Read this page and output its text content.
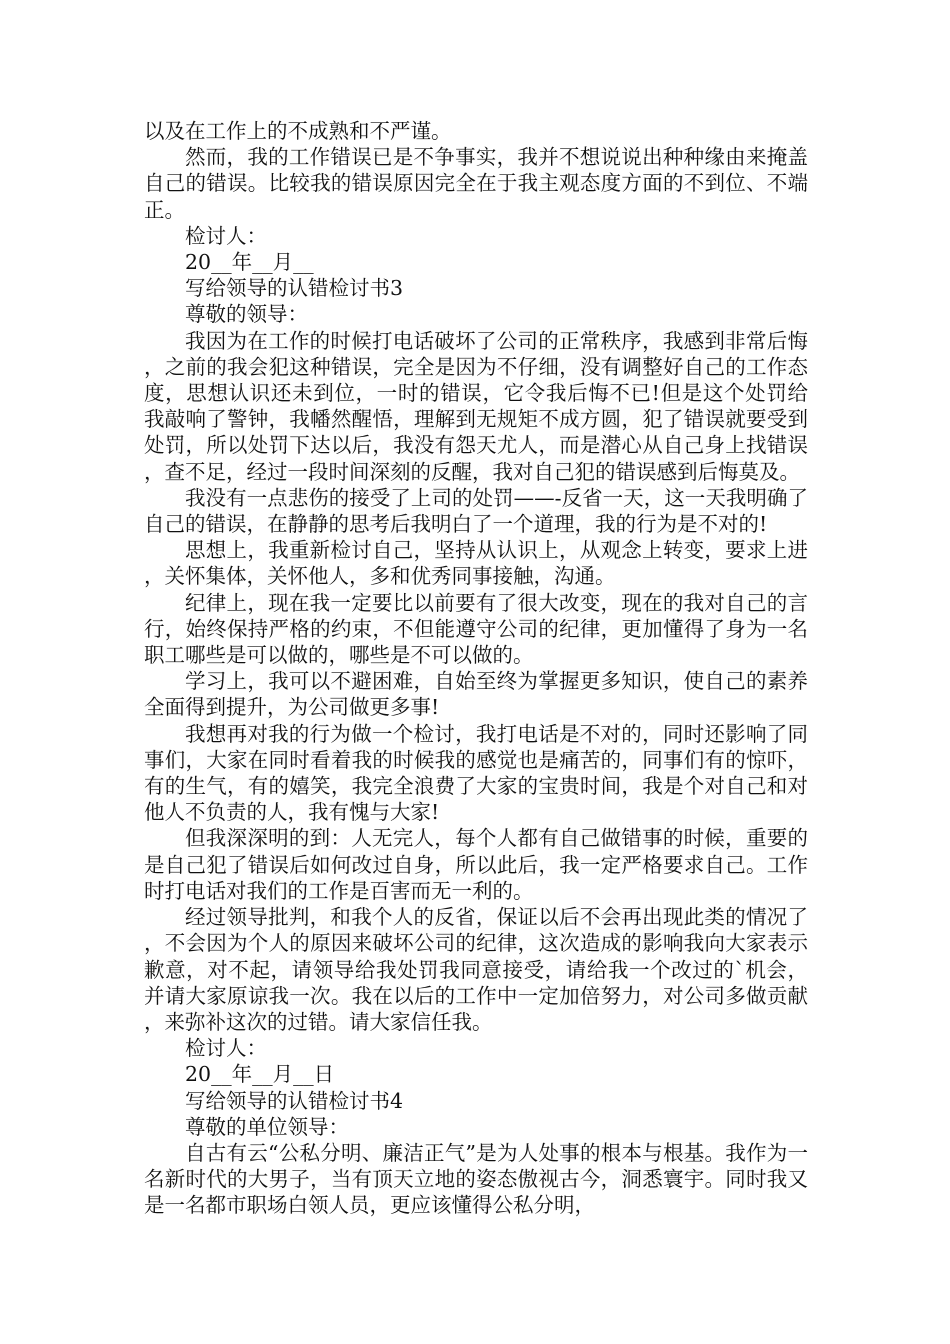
以及在工作上的不成熟和不严谨。

然而，我的工作错误已是不争事实，我并不想说说出种种缘由来掩盖自己的错误。比较我的错误原因完全在于我主观态度方面的不到位、不端正。

检讨人：

20__年__月__

写给领导的认错检讨书3

尊敬的领导：

我因为在工作的时候打电话破坏了公司的正常秩序，我感到非常后悔，之前的我会犯这种错误，完全是因为不仔细，没有调整好自己的工作态度，思想认识还未到位，一时的错误，它令我后悔不已!但是这个处罚给我敲响了警钟，我幡然醒悟，理解到无规矩不成方圆，犯了错误就要受到处罚，所以处罚下达以后，我没有怨天尤人，而是潜心从自己身上找错误，查不足，经过一段时间深刻的反醒，我对自己犯的错误感到后悔莫及。

我没有一点悲伤的接受了上司的处罚——-反省一天，这一天我明确了自己的错误，在静静的思考后我明白了一个道理，我的行为是不对的!

思想上，我重新检讨自己，坚持从认识上，从观念上转变，要求上进，关怀集体，关怀他人，多和优秀同事接触，沟通。

纪律上，现在我一定要比以前要有了很大改变，现在的我对自己的言行，始终保持严格的约束，不但能遵守公司的纪律，更加懂得了身为一名职工哪些是可以做的，哪些是不可以做的。

学习上，我可以不避困难，自始至终为掌握更多知识，使自己的素养全面得到提升，为公司做更多事!

我想再对我的行为做一个检讨，我打电话是不对的，同时还影响了同事们，大家在同时看着我的时候我的感觉也是痛苦的，同事们有的惊吓，有的生气，有的嬉笑，我完全浪费了大家的宝贵时间，我是个对自己和对他人不负责的人，我有愧与大家!

但我深深明的到：人无完人，每个人都有自己做错事的时候，重要的是自己犯了错误后如何改过自身，所以此后，我一定严格要求自己。工作时打电话对我们的工作是百害而无一利的。

经过领导批判，和我个人的反省，保证以后不会再出现此类的情况了，不会因为个人的原因来破坏公司的纪律，这次造成的影响我向大家表示歉意，对不起，请领导给我处罚我同意接受，请给我一个改过的`机会，并请大家原谅我一次。我在以后的工作中一定加倍努力，对公司多做贡献，来弥补这次的过错。请大家信任我。

检讨人：

20__年__月__日

写给领导的认错检讨书4

尊敬的单位领导：

自古有云“公私分明、廉洁正气”是为人处事的根本与根基。我作为一名新时代的大男子，当有顶天立地的姿态傲视古今，洞悉寰宇。同时我又是一名都市职场白领人员，更应该懂得公私分明，
